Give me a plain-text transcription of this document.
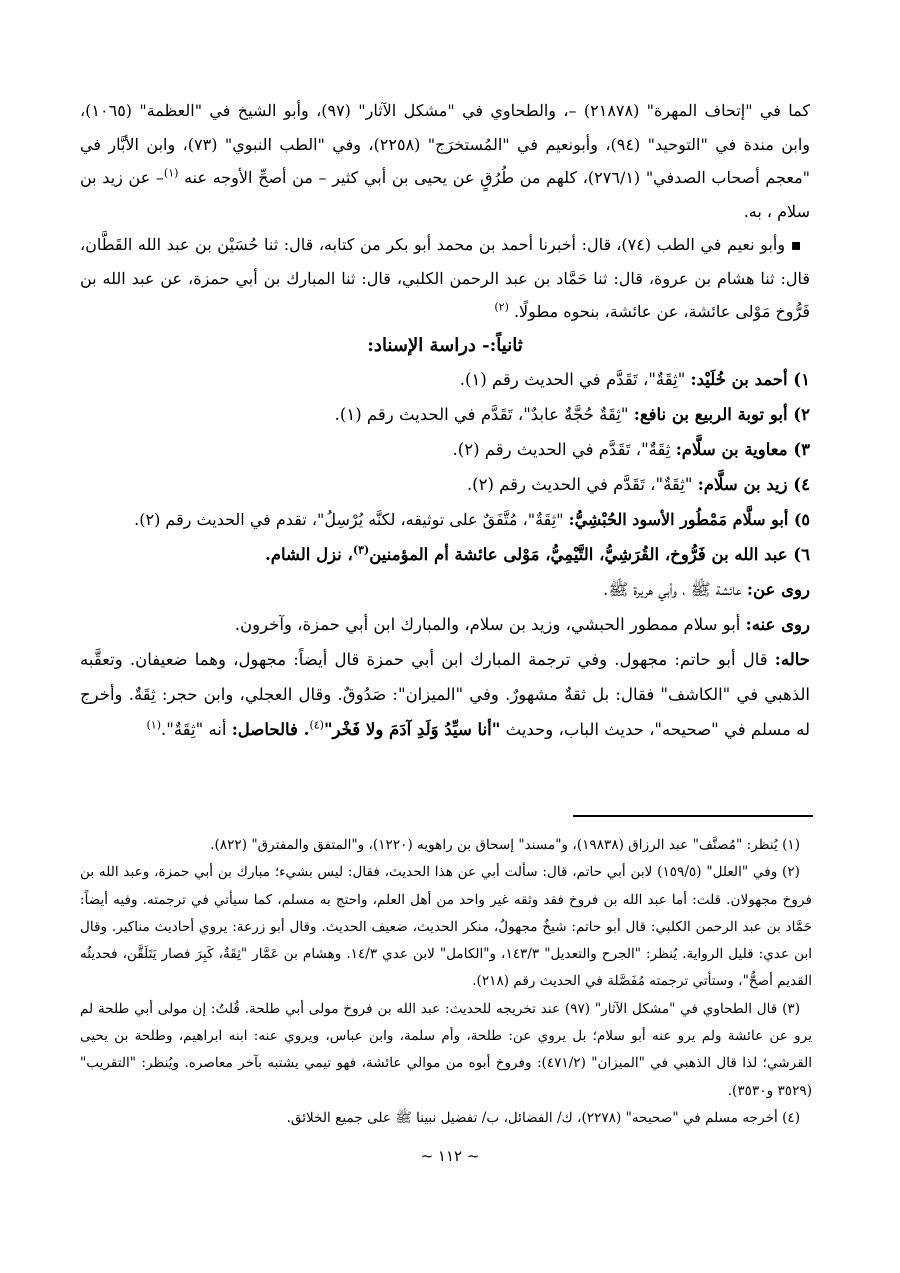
كما في "إتحاف المهرة" (٢١٨٧٨) –، والطحاوي في "مشكل الآثار" (٩٧)، وأبو الشيخ في "العظمة" (١٠٦٥)، وابن مندة في "التوحيد" (٩٤)، وأبونعيم في "المُستخرَج" (٢٢٥٨)، وفي "الطب النبوي" (٧٣)، وابن الأبَّار في "معجم أصحاب الصدفي" (٢٧٦/١)، كلهم من طُرُقٍ عن يحيى بن أبي كثير – من أصحِّ الأوجه عنه $^{(١)}$– عن زيد بن سلام ، به.

▪ وأبو نعيم في الطب (٧٤)، قال: أخبرنا أحمد بن محمد أبو بكر من كتابه، قال: ثنا حُسَيْن بن عبد الله القَطَّان، قال: ثنا هشام بن عروة، قال: ثنا حَمَّاد بن عبد الرحمن الكلبي، قال: ثنا المبارك بن أبي حمزة، عن عبد الله بن فَرُّوخ مَوْلى عائشة، عن عائشة، بنحوه مطولًا. $^{(٢)}$

ثانياً:- دراسة الإسناد:

١) أحمد بن خُلَيْد: "ثِقَةٌ"، تَقَدَّم في الحديث رقم (١).

٢) أبو توبة الربيع بن نافع: "ثِقَةٌ حُجَّةٌ عابدٌ"، تَقَدَّم في الحديث رقم (١).

٣) معاوية بن سلَّام: ثِقَةٌ"، تَقَدَّم في الحديث رقم (٢).

٤) زيد بن سلَّام: "ثِقَةٌ"، تَقَدَّم في الحديث رقم (٢).

٥) أبو سلَّام مَمْطُور الأسود الحُبْشِيُّ: "ثِقَةٌ"، مُتَّفَقٌ على توثيقه، لكنَّه يُرْسِلُ"، تقدم في الحديث رقم (٢).

٦) عبد الله بن فَرُّوخ، القُرَشِيُّ، التَّيْمِيُّ، مَوْلى عائشة أم المؤمنين$^{(٣)}$، نزل الشام.

روى عن: عائشة ﷺ ، وأبي هريرة ﷺ.

روى عنه: أبو سلام ممطور الحبشي، وزيد بن سلام، والمبارك ابن أبي حمزة، وآخرون.

حاله: قال أبو حاتم: مجهول. وفي ترجمة المبارك ابن أبي حمزة قال أيضاً: مجهول، وهما ضعيفان. وتعقَّبه الذهبي في "الكاشف" فقال: بل ثقةٌ مشهورٌ. وفي "الميزان": صَدُوقٌ. وقال العجلي، وابن حجر: ثِقَةٌ. وأخرج له مسلم في "صحيحه"، حديث الباب، وحديث "أنا سيِّدُ وَلَدِ آدَمَ ولا فَخْر"$^{(٤)}$. فالحاصل: أنه "ثِقَةٌ".$^{(١)}$

(١) يُنظر: "مُصنَّف" عبد الرزاق (١٩٨٣٨)، و"مسند" إسحاق بن راهويه (١٢٢٠)، و"المتفق والمفترق" (٨٢٢).

(٢) وفي "العلل" (١٥٩/٥) لابن أبي حاتم، قال: سألت أبي عن هذا الحديث، فقال: ليس بشيء؛ مبارك بن أبي حمزة، وعبد الله بن فروخ مجهولان. قلت: أما عبد الله بن فروخ فقد وثقه غير واحد من أهل العلم، واحتج به مسلم، كما سيأتي في ترجمته. وفيه أيضاً: حَمَّاد بن عبد الرحمن الكلبي: قال أبو حاتم: شيخٌ مجهولٌ، منكر الحديث، ضعيف الحديث. وقال أبو زرعة: يروي أحاديث مناكير. وقال ابن عدي: قليل الرواية. يُنظر: "الجرح والتعديل" ١٤٣/٣، و"الكامل" لابن عدي ١٤/٣. وهشام بن عَمَّار "ثِقَةٌ، كَبِرَ فصار يَتَلَقَّن، فحديثُه القديم أصحُّ"، وستأتي ترجمته مُفَصَّلة في الحديث رقم (٢١٨).

(٣) قال الطحاوي في "مشكل الآثار" (٩٧) عند تخريجه للحديث: عبد الله بن فروخ مولى أبي طلحة. قُلتُ: إن مولى أبي طلحة لم يرو عن عائشة ولم يرو عنه أبو سلام؛ بل يروي عن: طلحة، وأم سلمة، وابن عباس، ويروي عنه: ابنه ابراهيم، وطلحة بن يحيى القرشي؛ لذا قال الذهبي في "الميزان" (٤٧١/٢): وفروخ أبوه من موالي عائشة، فهو تيمي يشتبه بآخر معاصره. ويُنظر: "التقريب" (٣٥٢٩ و٣٥٣٠).

(٤) أخرجه مسلم في "صحيحه" (٢٢٧٨)، ك/ الفضائل، ب/ تفضيل نبينا ﷺ على جميع الخلائق.

~ ١١٢ ~
